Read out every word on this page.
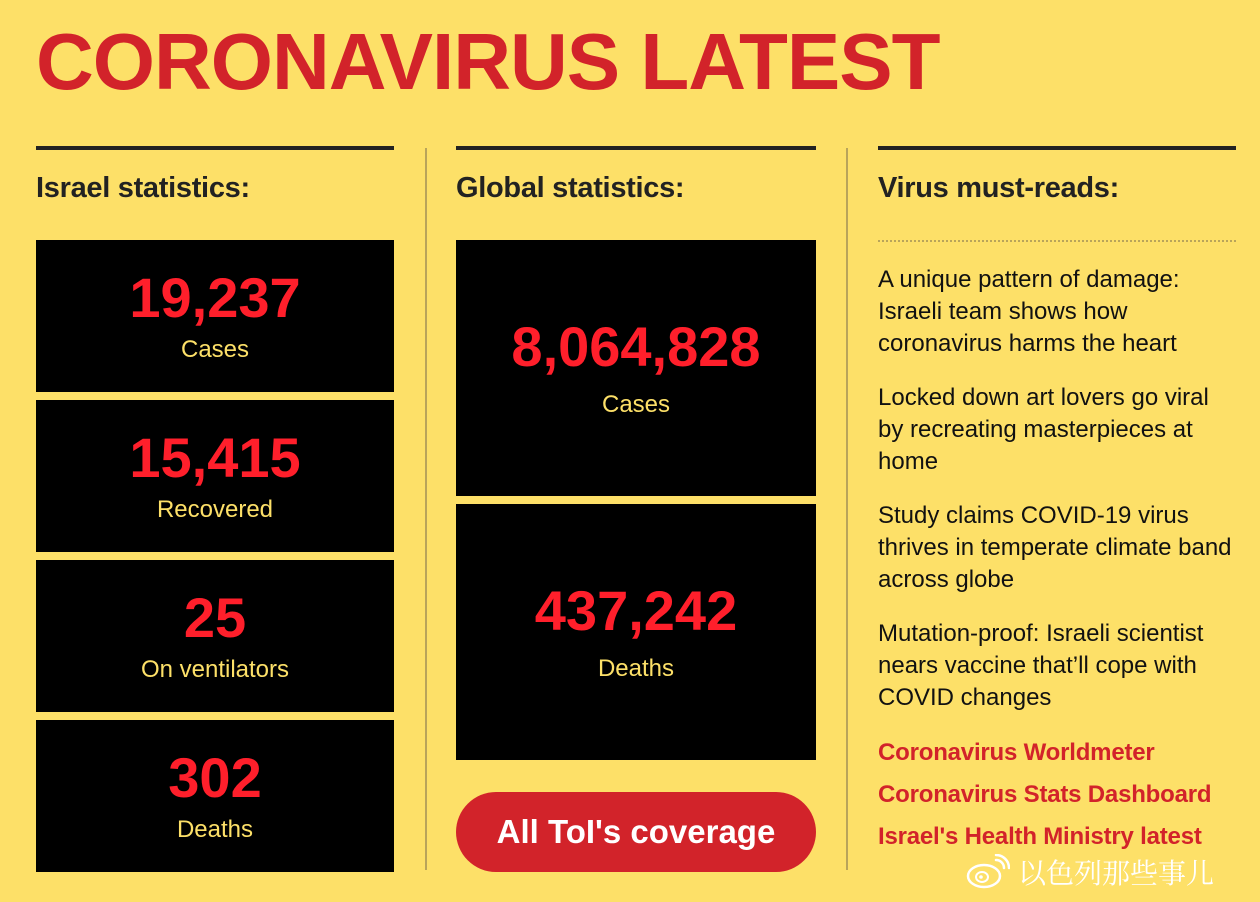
CORONAVIRUS LATEST
Israel statistics:
19,237
Cases
15,415
Recovered
25
On ventilators
302
Deaths
Global statistics:
8,064,828
Cases
437,242
Deaths
All ToI's coverage
Virus must-reads:
A unique pattern of damage: Israeli team shows how coronavirus harms the heart
Locked down art lovers go viral by recreating masterpieces at home
Study claims COVID-19 virus thrives in temperate climate band across globe
Mutation-proof: Israeli scientist nears vaccine that’ll cope with COVID changes
Coronavirus Worldmeter
Coronavirus Stats Dashboard
Israel's Health Ministry latest
以色列那些事儿
